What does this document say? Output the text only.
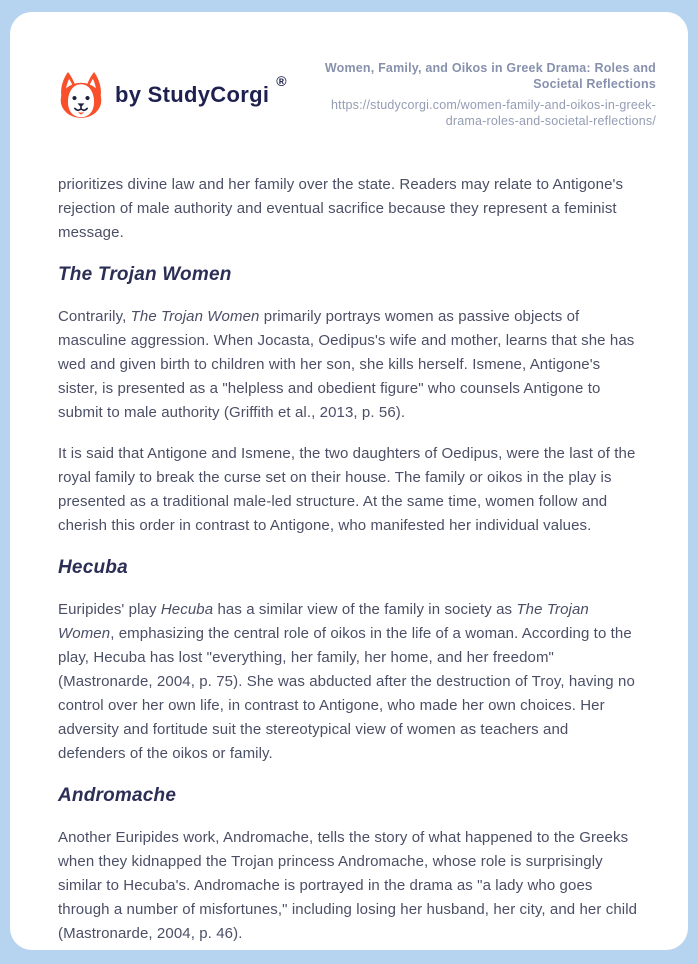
by StudyCorgi
®
Women, Family, and Oikos in Greek Drama: Roles and Societal Reflections
https://studycorgi.com/women-family-and-oikos-in-greek-drama-roles-and-societal-reflections/

prioritizes divine law and her family over the state. Readers may relate to Antigone's rejection of male authority and eventual sacrifice because they represent a feminist message.

The Trojan Women

Contrarily, The Trojan Women primarily portrays women as passive objects of masculine aggression. When Jocasta, Oedipus's wife and mother, learns that she has wed and given birth to children with her son, she kills herself. Ismene, Antigone's sister, is presented as a "helpless and obedient figure" who counsels Antigone to submit to male authority (Griffith et al., 2013, p. 56).

It is said that Antigone and Ismene, the two daughters of Oedipus, were the last of the royal family to break the curse set on their house. The family or oikos in the play is presented as a traditional male-led structure. At the same time, women follow and cherish this order in contrast to Antigone, who manifested her individual values.

Hecuba

Euripides' play Hecuba has a similar view of the family in society as The Trojan Women, emphasizing the central role of oikos in the life of a woman. According to the play, Hecuba has lost "everything, her family, her home, and her freedom" (Mastronarde, 2004, p. 75). She was abducted after the destruction of Troy, having no control over her own life, in contrast to Antigone, who made her own choices. Her adversity and fortitude suit the stereotypical view of women as teachers and defenders of the oikos or family.

Andromache

Another Euripides work, Andromache, tells the story of what happened to the Greeks when they kidnapped the Trojan princess Andromache, whose role is surprisingly similar to Hecuba's. Andromache is portrayed in the drama as "a lady who goes through a number of misfortunes," including losing her husband, her city, and her child (Mastronarde, 2004, p. 46).
